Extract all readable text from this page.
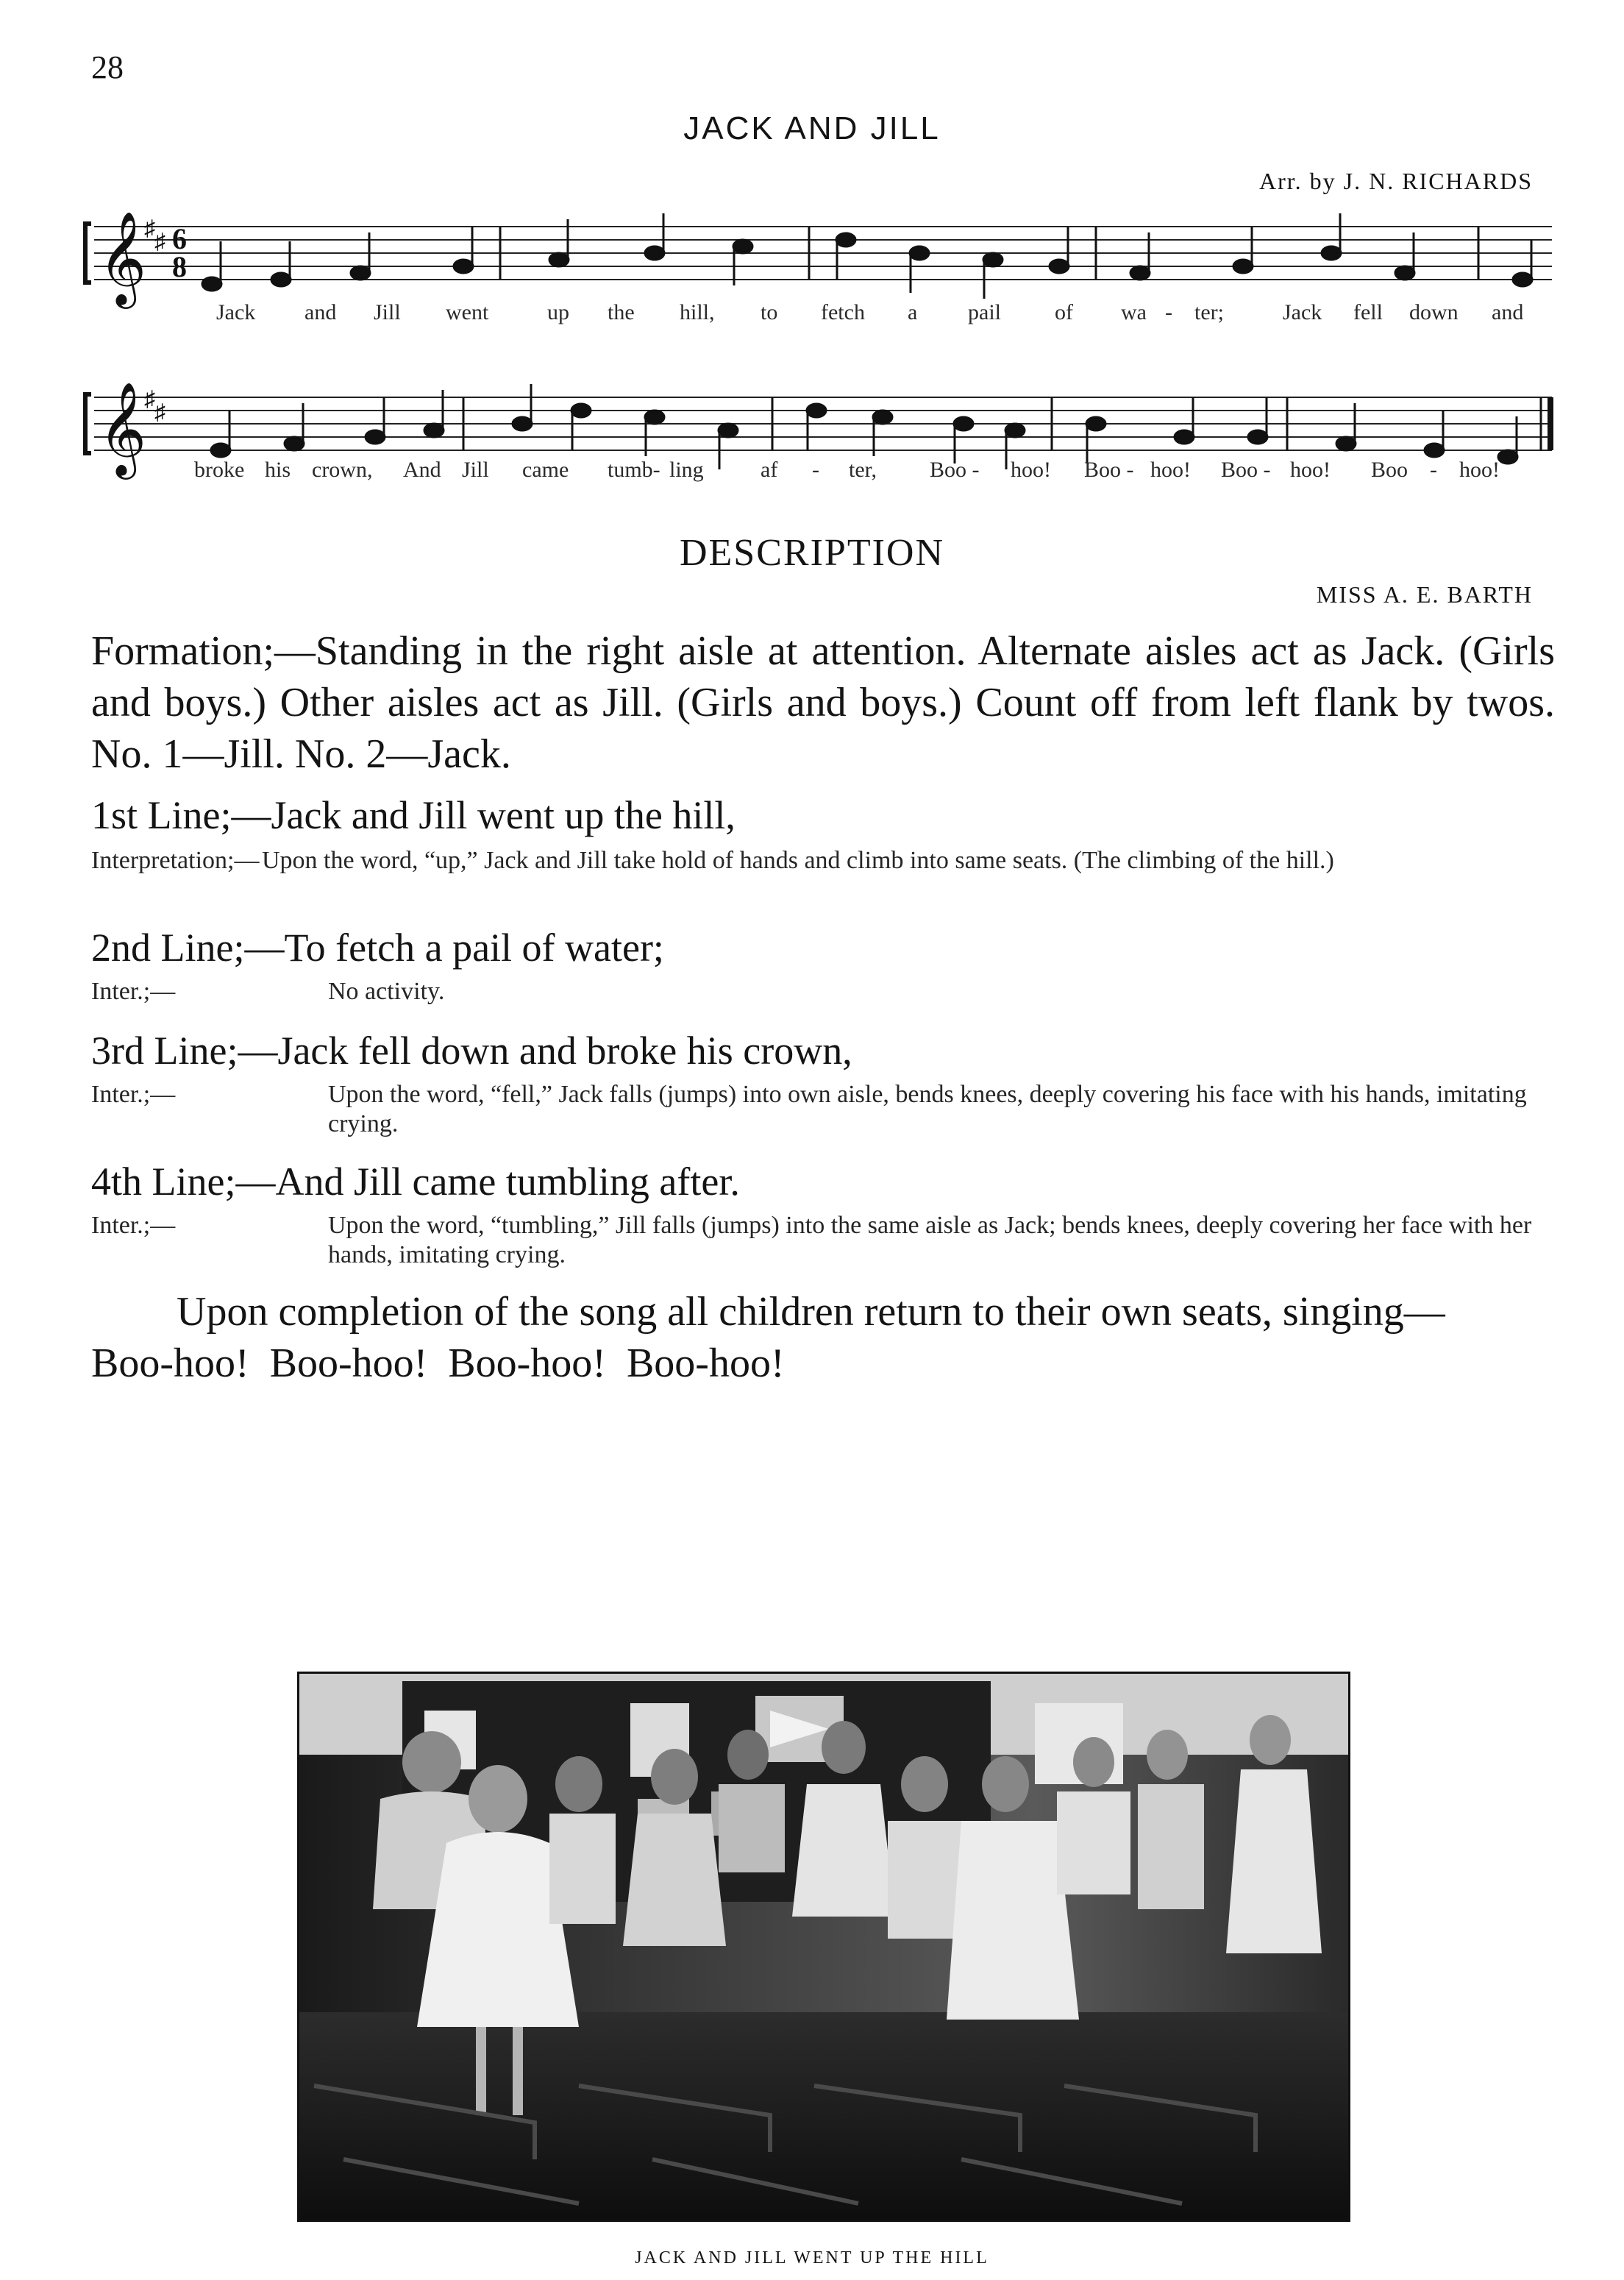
28
JACK AND JILL
Arr. by J. N. RICHARDS
𝄞
♯
♯ 6
8
Jack and Jill went	up the hill, to fetch a pail of wa - ter;	Jack fell down and
𝄞
♯
♯
broke his crown, And Jill came tumb- ling	af - ter, Boo - hoo! Boo - hoo! Boo - hoo! Boo - hoo!
DESCRIPTION
MISS A. E. BARTH
Formation;—Standing in the right aisle at attention. Alternate aisles act as Jack. (Girls and boys.) Other aisles act as Jill. (Girls and boys.) Count off from left flank by twos. No. 1—Jill. No. 2—Jack.
1st Line;—Jack and Jill went up the hill,
Interpretation;— Upon the word, “up,” Jack and Jill take hold of hands and climb into same seats. (The climbing of the hill.)
2nd Line;—To fetch a pail of water;
Inter.;—	No activity.
3rd Line;—Jack fell down and broke his crown,
Inter.;—	Upon the word, “fell,” Jack falls (jumps) into own aisle, bends knees, deeply covering his face with his hands, imitating crying.
4th Line;—And Jill came tumbling after.
Inter.;—	Upon the word, “tumbling,” Jill falls (jumps) into the same aisle as Jack; bends knees, deeply covering her face with her hands, imitating crying.
Upon completion of the song all children return to their own seats, singing—
Boo-hoo!  Boo-hoo!  Boo-hoo!  Boo-hoo!
JACK AND JILL WENT UP THE HILL
